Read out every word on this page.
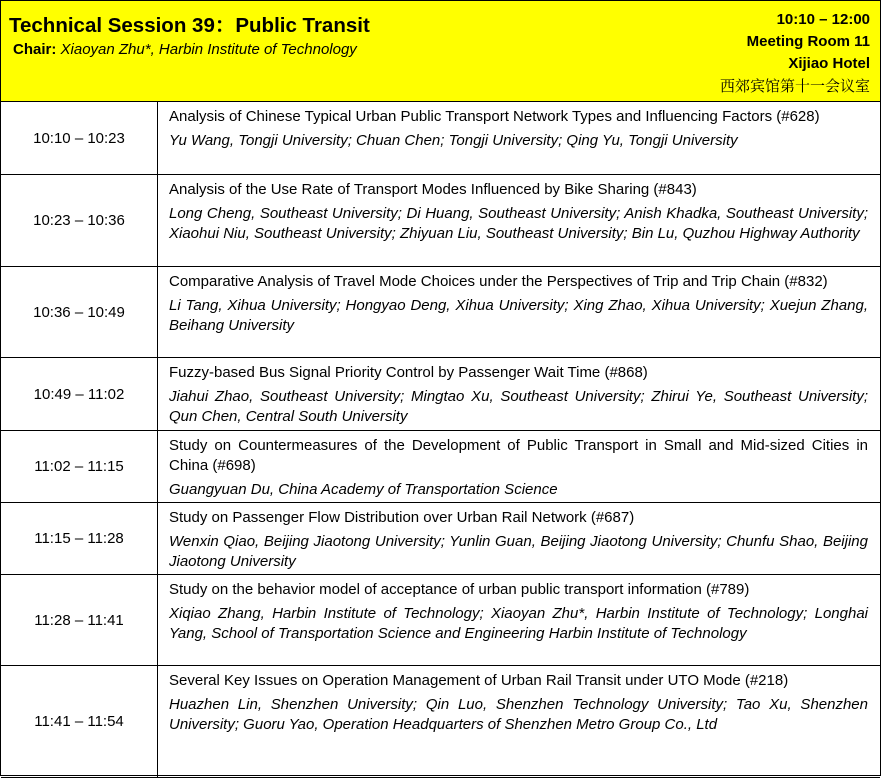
Technical Session 39：Public Transit
Chair: Xiaoyan Zhu*, Harbin Institute of Technology
10:10 – 12:00
Meeting Room 11
Xijiao Hotel
西郊宾馆第十一会议室
10:10 – 10:23	Analysis of Chinese Typical Urban Public Transport Network Types and Influencing Factors (#628)
Yu Wang, Tongji University; Chuan Chen; Tongji University; Qing Yu, Tongji University

10:23 – 10:36	Analysis of the Use Rate of Transport Modes Influenced by Bike Sharing (#843)
Long Cheng, Southeast University; Di Huang, Southeast University; Anish Khadka, Southeast University; Xiaohui Niu, Southeast University; Zhiyuan Liu, Southeast University; Bin Lu, Quzhou Highway Authority

10:36 – 10:49	Comparative Analysis of Travel Mode Choices under the Perspectives of Trip and Trip Chain (#832)
Li Tang, Xihua University; Hongyao Deng, Xihua University; Xing Zhao, Xihua University; Xuejun Zhang, Beihang University

10:49 – 11:02	Fuzzy-based Bus Signal Priority Control by Passenger Wait Time (#868)
Jiahui Zhao, Southeast University; Mingtao Xu, Southeast University; Zhirui Ye, Southeast University; Qun Chen, Central South University

11:02 – 11:15	Study on Countermeasures of the Development of Public Transport in Small and Mid-sized Cities in China (#698)
Guangyuan Du, China Academy of Transportation Science

11:15 – 11:28	Study on Passenger Flow Distribution over Urban Rail Network (#687)
Wenxin Qiao, Beijing Jiaotong University; Yunlin Guan, Beijing Jiaotong University; Chunfu Shao, Beijing Jiaotong University

11:28 – 11:41	Study on the behavior model of acceptance of urban public transport information (#789)
Xiqiao Zhang, Harbin Institute of Technology; Xiaoyan Zhu*, Harbin Institute of Technology; Longhai Yang, School of Transportation Science and Engineering Harbin Institute of Technology

11:41 – 11:54	Several Key Issues on Operation Management of Urban Rail Transit under UTO Mode (#218)
Huazhen Lin, Shenzhen University; Qin Luo, Shenzhen Technology University; Tao Xu, Shenzhen University; Guoru Yao, Operation Headquarters of Shenzhen Metro Group Co., Ltd
